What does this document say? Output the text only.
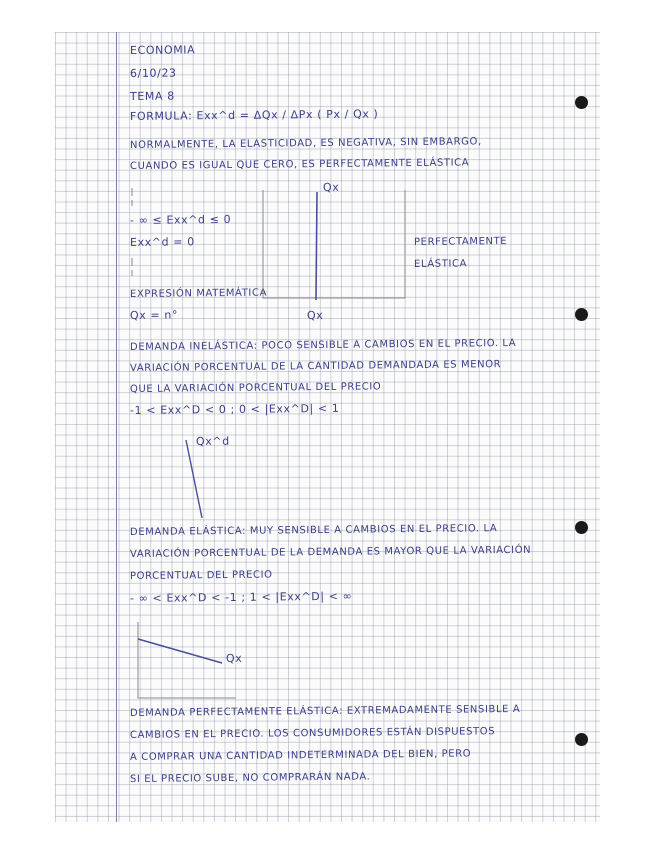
ECONOMIA
6/10/23
TEMA 8
FORMULA: Exx^d = ΔQx / ΔPx ( Px / Qx )
NORMALMENTE, LA ELASTICIDAD, ES NEGATIVA, SIN EMBARGO,
CUANDO ES IGUAL QUE CERO, ES PERFECTAMENTE ELÁSTICA
- ∞ ≤ Exx^d ≤ 0
Exx^d = 0
EXPRESIÓN MATEMÁTICA
Qx = n°
Qx
Qx
PERFECTAMENTE
ELÁSTICA
DEMANDA INELÁSTICA: POCO SENSIBLE A CAMBIOS EN EL PRECIO. LA
VARIACIÓN PORCENTUAL DE LA CANTIDAD DEMANDADA ES MENOR
QUE LA VARIACIÓN PORCENTUAL DEL PRECIO
-1 < Exx^D < 0 ; 0 < |Exx^D| < 1
Qx^d
DEMANDA ELÁSTICA: MUY SENSIBLE A CAMBIOS EN EL PRECIO. LA
VARIACIÓN PORCENTUAL DE LA DEMANDA ES MAYOR QUE LA VARIACIÓN
PORCENTUAL DEL PRECIO
- ∞ < Exx^D < -1 ; 1 < |Exx^D| < ∞
Qx
DEMANDA PERFECTAMENTE ELÁSTICA: EXTREMADAMENTE SENSIBLE A
CAMBIOS EN EL PRECIO. LOS CONSUMIDORES ESTÁN DISPUESTOS
A COMPRAR UNA CANTIDAD INDETERMINADA DEL BIEN, PERO
SI EL PRECIO SUBE, NO COMPRARÁN NADA.
